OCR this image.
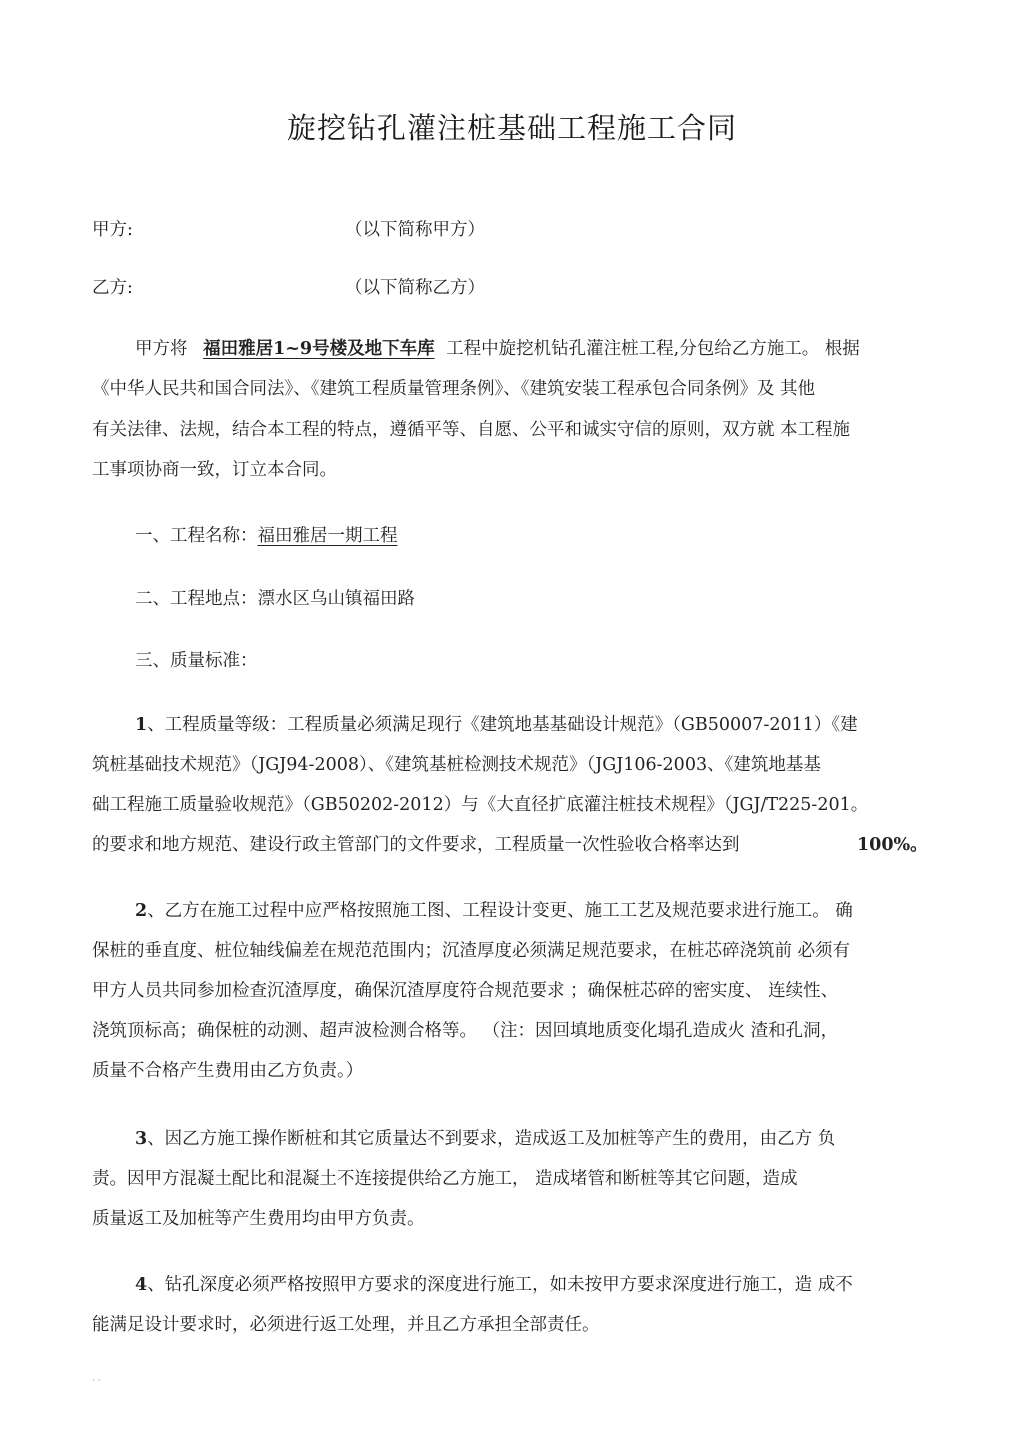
旋挖钻孔灌注桩基础工程施工合同
甲方:	（以下简称甲方）
乙方:	（以下简称乙方）
甲方将 福田雅居1~9号楼及地下车库 工程中旋挖机钻孔灌注桩工程,分包给乙方施工。 根据
《中华人民共和国合同法》、《建筑工程质量管理条例》、《建筑安装工程承包合同条例》及 其他
有关法律、法规，结合本工程的特点，遵循平等、自愿、公平和诚实守信的原则，双方就 本工程施
工事项协商一致，订立本合同。
一、工程名称：福田雅居一期工程
二、工程地点：漂水区乌山镇福田路
三、质量标准：
1、工程质量等级：工程质量必须满足现行《建筑地基基础设计规范》（GB50007-2011）《建
筑桩基础技术规范》（JGJ94-2008）、《建筑基桩检测技术规范》（JGJ106-2003、《建筑地基基
础工程施工质量验收规范》（GB50202-2012）与《大直径扩底灌注桩技术规程》（JGJ/T225-201。
的要求和地方规范、建设行政主管部门的文件要求，工程质量一次性验收合格率达到	100%。
2、乙方在施工过程中应严格按照施工图、工程设计变更、施工工艺及规范要求进行施工。 确
保桩的垂直度、桩位轴线偏差在规范范围内；沉渣厚度必须满足规范要求，在桩芯碎浇筑前 必须有
甲方人员共同参加检查沉渣厚度，确保沉渣厚度符合规范要求 ；确保桩芯碎的密实度、 连续性、
浇筑顶标高；确保桩的动测、超声波检测合格等。 （注：因回填地质变化塌孔造成火 渣和孔洞，
质量不合格产生费用由乙方负责。）
3、因乙方施工操作断桩和其它质量达不到要求，造成返工及加桩等产生的费用，由乙方 负
责。因甲方混凝土配比和混凝土不连接提供给乙方施工， 造成堵管和断桩等其它问题，造成
质量返工及加桩等产生费用均由甲方负责。
4、钻孔深度必须严格按照甲方要求的深度进行施工，如未按甲方要求深度进行施工，造 成不
能满足设计要求时，必须进行返工处理，并且乙方承担全部责任。
· ·
